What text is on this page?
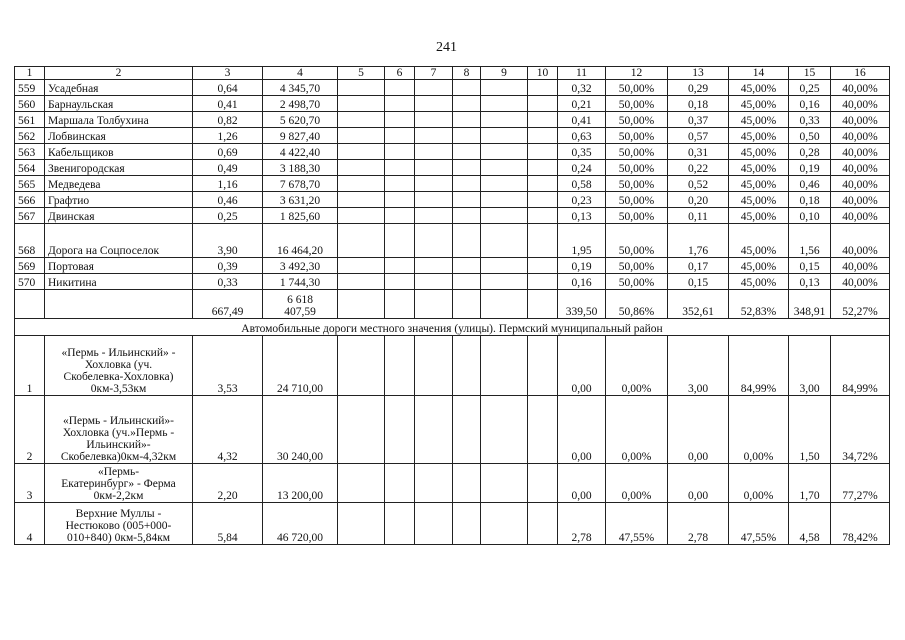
241
1	2	3	4	5	6	7	8	9	10	11	12	13	14	15	16
559	Усадебная	0,64	4 345,70							0,32	50,00%	0,29	45,00%	0,25	40,00%
560	Барнаульская	0,41	2 498,70							0,21	50,00%	0,18	45,00%	0,16	40,00%
561	Маршала Толбухина	0,82	5 620,70							0,41	50,00%	0,37	45,00%	0,33	40,00%
562	Лобвинская	1,26	9 827,40							0,63	50,00%	0,57	45,00%	0,50	40,00%
563	Кабельщиков	0,69	4 422,40							0,35	50,00%	0,31	45,00%	0,28	40,00%
564	Звенигородская	0,49	3 188,30							0,24	50,00%	0,22	45,00%	0,19	40,00%
565	Медведева	1,16	7 678,70							0,58	50,00%	0,52	45,00%	0,46	40,00%
566	Графтио	0,46	3 631,20							0,23	50,00%	0,20	45,00%	0,18	40,00%
567	Двинская	0,25	1 825,60							0,13	50,00%	0,11	45,00%	0,10	40,00%
568	Дорога на Соцпоселок	3,90	16 464,20							1,95	50,00%	1,76	45,00%	1,56	40,00%
569	Портовая	0,39	3 492,30							0,19	50,00%	0,17	45,00%	0,15	40,00%
570	Никитина	0,33	1 744,30							0,16	50,00%	0,15	45,00%	0,13	40,00%
		667,49	6 618
407,59							339,50	50,86%	352,61	52,83%	348,91	52,27%
Автомобильные дороги местного значения (улицы). Пермский муниципальный район															
1	«Пермь - Ильинский» -
Хохловка (уч.
Скобелевка-Хохловка)
0км-3,53км	3,53	24 710,00							0,00	0,00%	3,00	84,99%	3,00	84,99%
2	«Пермь - Ильинский»-
Хохловка (уч.»Пермь -
Ильинский»-
Скобелевка)0км-4,32км	4,32	30 240,00							0,00	0,00%	0,00	0,00%	1,50	34,72%
3	«Пермь-
Екатеринбург» - Ферма
0км-2,2км	2,20	13 200,00							0,00	0,00%	0,00	0,00%	1,70	77,27%
4	Верхние Муллы -
Нестюково (005+000-
010+840) 0км-5,84км	5,84	46 720,00							2,78	47,55%	2,78	47,55%	4,58	78,42%
